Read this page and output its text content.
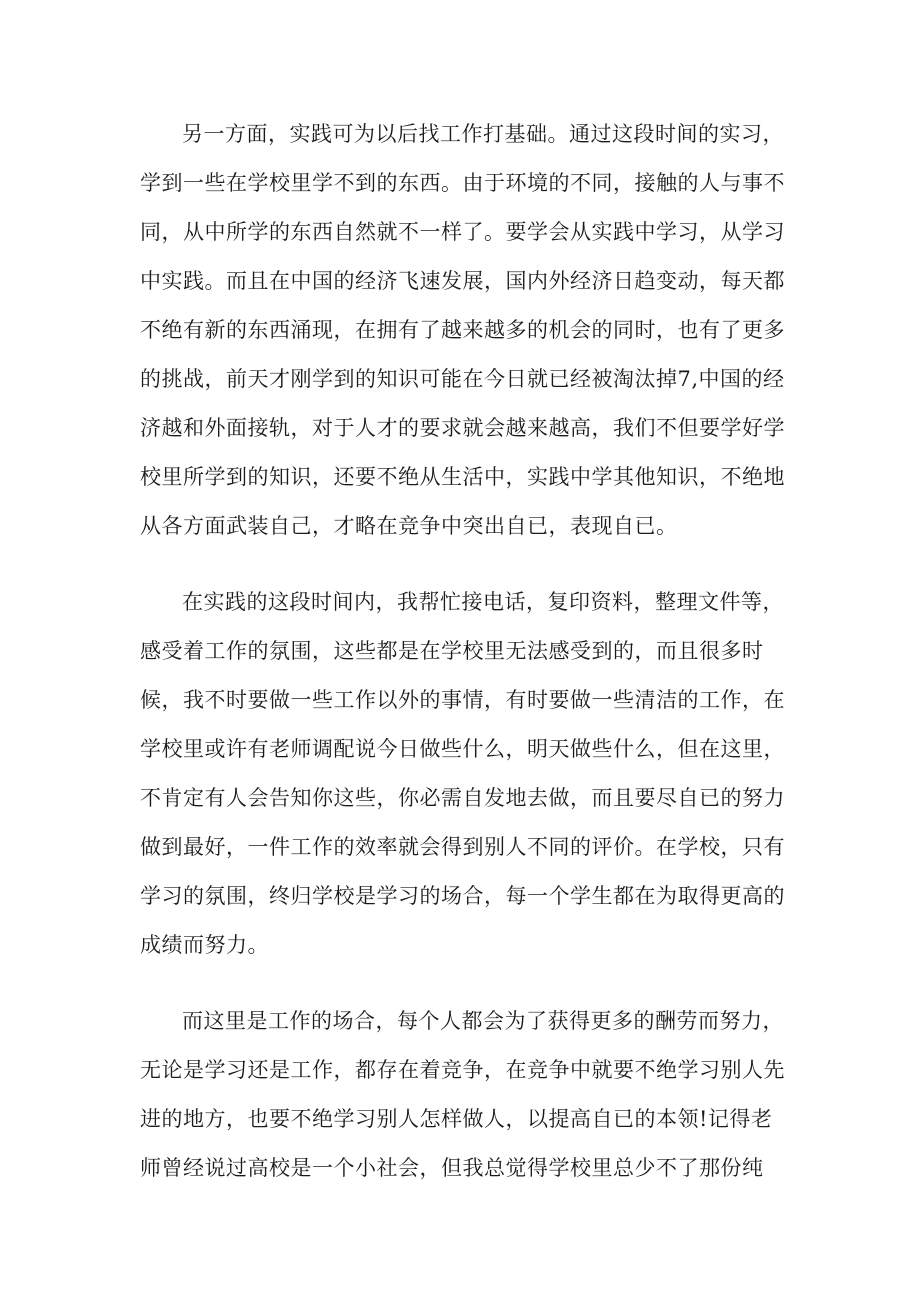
另一方面，实践可为以后找工作打基础。通过这段时间的实习，
学到一些在学校里学不到的东西。由于环境的不同，接触的人与事不
同，从中所学的东西自然就不一样了。要学会从实践中学习，从学习
中实践。而且在中国的经济飞速发展，国内外经济日趋变动，每天都
不绝有新的东西涌现，在拥有了越来越多的机会的同时，也有了更多
的挑战，前天才刚学到的知识可能在今日就已经被淘汰掉7,中国的经
济越和外面接轨，对于人才的要求就会越来越高，我们不但要学好学
校里所学到的知识，还要不绝从生活中，实践中学其他知识，不绝地
从各方面武装自己，才略在竞争中突出自已，表现自已。
在实践的这段时间内，我帮忙接电话，复印资料，整理文件等，
感受着工作的氛围，这些都是在学校里无法感受到的，而且很多时
候，我不时要做一些工作以外的事情，有时要做一些清洁的工作，在
学校里或许有老师调配说今日做些什么，明天做些什么，但在这里，
不肯定有人会告知你这些，你必需自发地去做，而且要尽自已的努力
做到最好，一件工作的效率就会得到别人不同的评价。在学校，只有
学习的氛围，终归学校是学习的场合，每一个学生都在为取得更高的
成绩而努力。
而这里是工作的场合，每个人都会为了获得更多的酬劳而努力，
无论是学习还是工作，都存在着竞争，在竞争中就要不绝学习别人先
进的地方，也要不绝学习别人怎样做人，以提高自已的本领!记得老
师曾经说过高校是一个小社会，但我总觉得学校里总少不了那份纯
